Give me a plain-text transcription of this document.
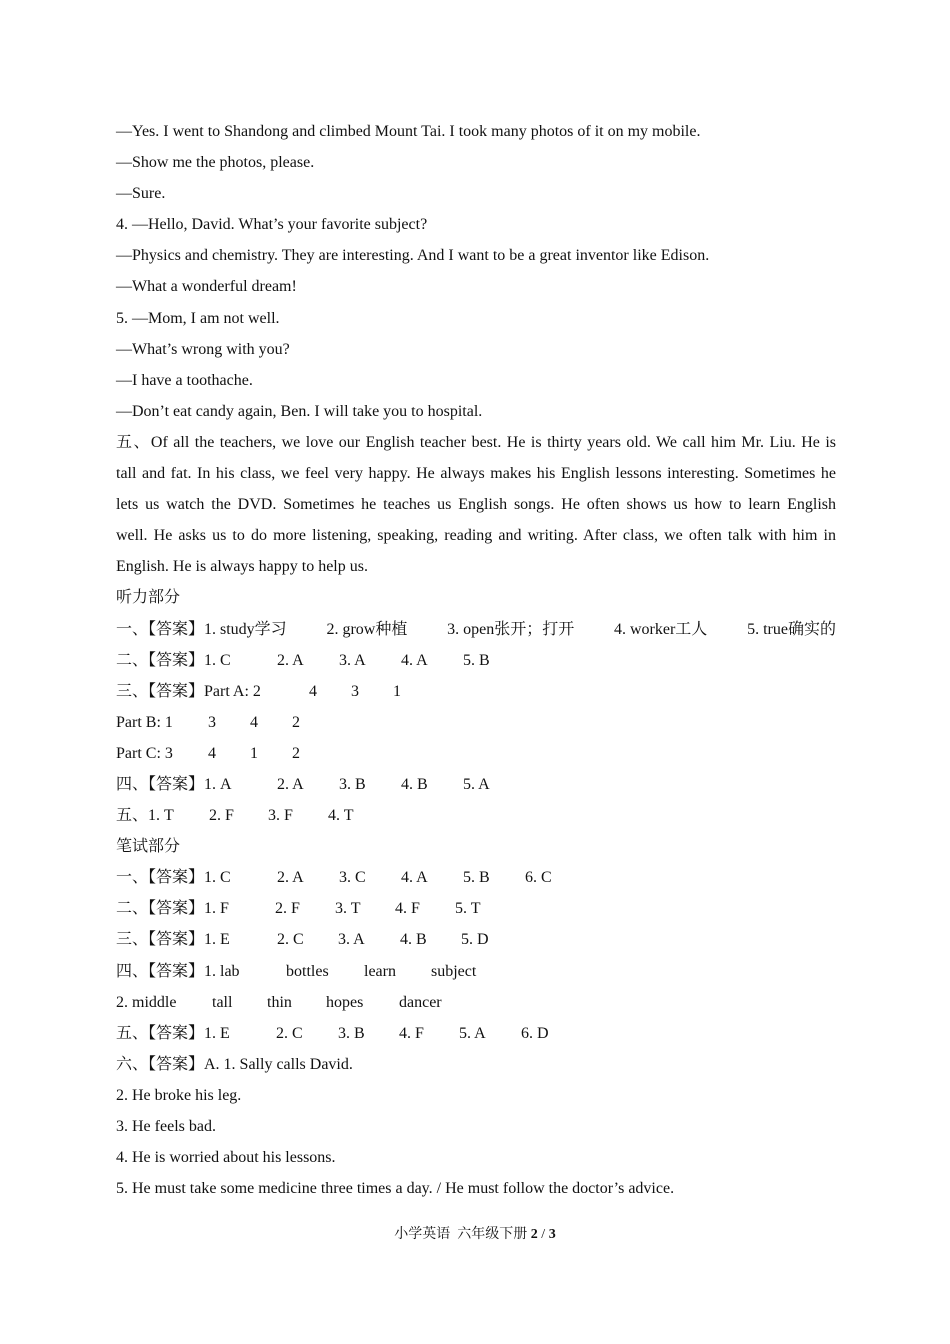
—Yes. I went to Shandong and climbed Mount Tai. I took many photos of it on my mobile.
—Show me the photos, please.
—Sure.
4. —Hello, David. What’s your favorite subject?
—Physics and chemistry. They are interesting. And I want to be a great inventor like Edison.
—What a wonderful dream!
5. —Mom, I am not well.
—What’s wrong with you?
—I have a toothache.
—Don’t eat candy again, Ben. I will take you to hospital.
五、Of all the teachers, we love our English teacher best. He is thirty years old. We call him Mr. Liu. He is
tall and fat. In his class, we feel very happy. He always makes his English lessons interesting. Sometimes he
lets us watch the DVD. Sometimes he teaches us English songs. He often shows us how to learn English
well. He asks us to do more listening, speaking, reading and writing. After class, we often talk with him in
English. He is always happy to help us.
听力部分
一、【答案】1. study学习 2. grow种植 3. open张开；打开 4. worker工人 5. true确实的
二、【答案】1. C	2. A	3. A	4. A	5. B
三、【答案】Part A: 2	4	3	1
Part B: 1	3	4	2
Part C: 3	4	1	2
四、【答案】1. A	2. A	3. B	4. B	5. A
五、1. T	2. F	3. F	4. T
笔试部分
一、【答案】1. C	2. A	3. C	4. A	5. B	6. C
二、【答案】1. F	2. F	3. T	4. F	5. T
三、【答案】1. E	2. C	3. A	4. B	5. D
四、【答案】1. lab	bottles	learn	subject
2. middle	tall	thin	hopes	dancer
五、【答案】1. E	2. C	3. B	4. F	5. A	6. D
六、【答案】A. 1. Sally calls David.
2. He broke his leg.
3. He feels bad.
4. He is worried about his lessons.
5. He must take some medicine three times a day. / He must follow the doctor’s advice.
小学英语  六年级下册 2 / 3
